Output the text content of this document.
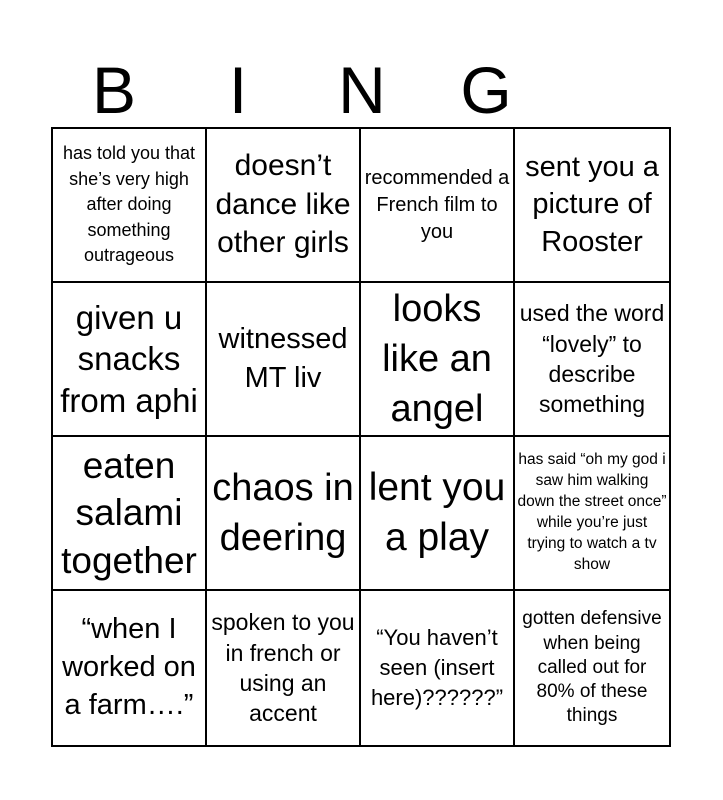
B	I	N	G
has told you that she’s very high after doing something outrageous
doesn’t dance like other girls
recommended a French film to you
sent you a picture of Rooster
given u snacks from aphi
witnessed MT liv
looks like an angel
used the word “lovely” to describe something
eaten salami together
chaos in deering
lent you a play
has said “oh my god i saw him walking down the street once” while you’re just trying to watch a tv show
“when I worked on a farm….”
spoken to you in french or using an accent
“You haven’t seen (insert here)??????”
gotten defensive when being called out for 80% of these things
